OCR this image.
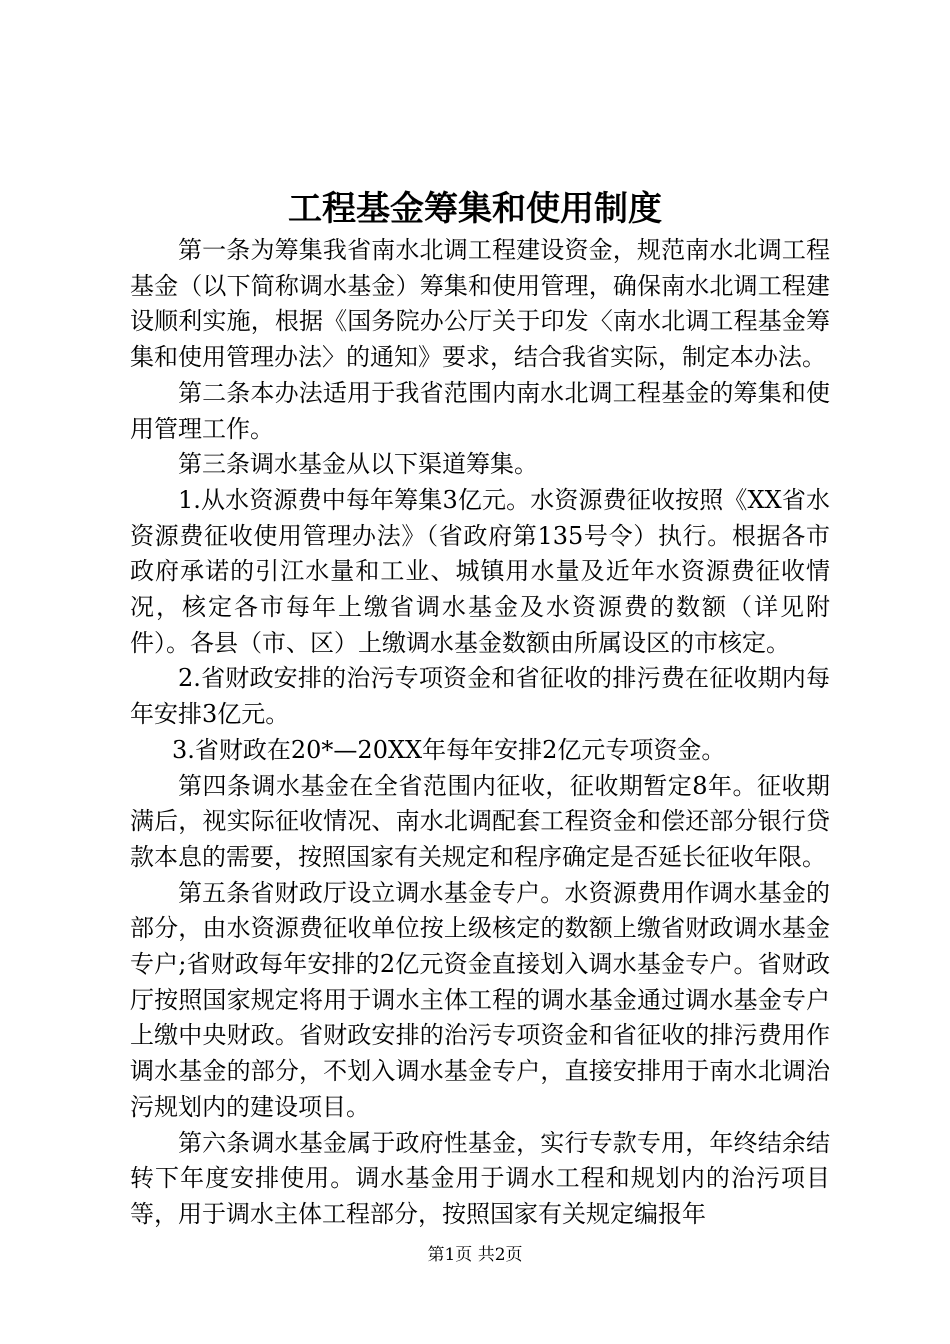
工程基金筹集和使用制度

第一条为筹集我省南水北调工程建设资金，规范南水北调工程基金（以下简称调水基金）筹集和使用管理，确保南水北调工程建设顺利实施，根据《国务院办公厅关于印发〈南水北调工程基金筹集和使用管理办法〉的通知》要求，结合我省实际，制定本办法。

第二条本办法适用于我省范围内南水北调工程基金的筹集和使用管理工作。

第三条调水基金从以下渠道筹集。

1.从水资源费中每年筹集3亿元。水资源费征收按照《XX省水资源费征收使用管理办法》（省政府第135号令）执行。根据各市政府承诺的引江水量和工业、城镇用水量及近年水资源费征收情况，核定各市每年上缴省调水基金及水资源费的数额（详见附件）。各县（市、区）上缴调水基金数额由所属设区的市核定。

2.省财政安排的治污专项资金和省征收的排污费在征收期内每年安排3亿元。

3.省财政在20*—20XX年每年安排2亿元专项资金。

第四条调水基金在全省范围内征收，征收期暂定8年。征收期满后，视实际征收情况、南水北调配套工程资金和偿还部分银行贷款本息的需要，按照国家有关规定和程序确定是否延长征收年限。

第五条省财政厅设立调水基金专户。水资源费用作调水基金的部分，由水资源费征收单位按上级核定的数额上缴省财政调水基金专户;省财政每年安排的2亿元资金直接划入调水基金专户。省财政厅按照国家规定将用于调水主体工程的调水基金通过调水基金专户上缴中央财政。省财政安排的治污专项资金和省征收的排污费用作调水基金的部分，不划入调水基金专户，直接安排用于南水北调治污规划内的建设项目。

第六条调水基金属于政府性基金，实行专款专用，年终结余结转下年度安排使用。调水基金用于调水工程和规划内的治污项目等，用于调水主体工程部分，按照国家有关规定编报年

第1页 共2页
